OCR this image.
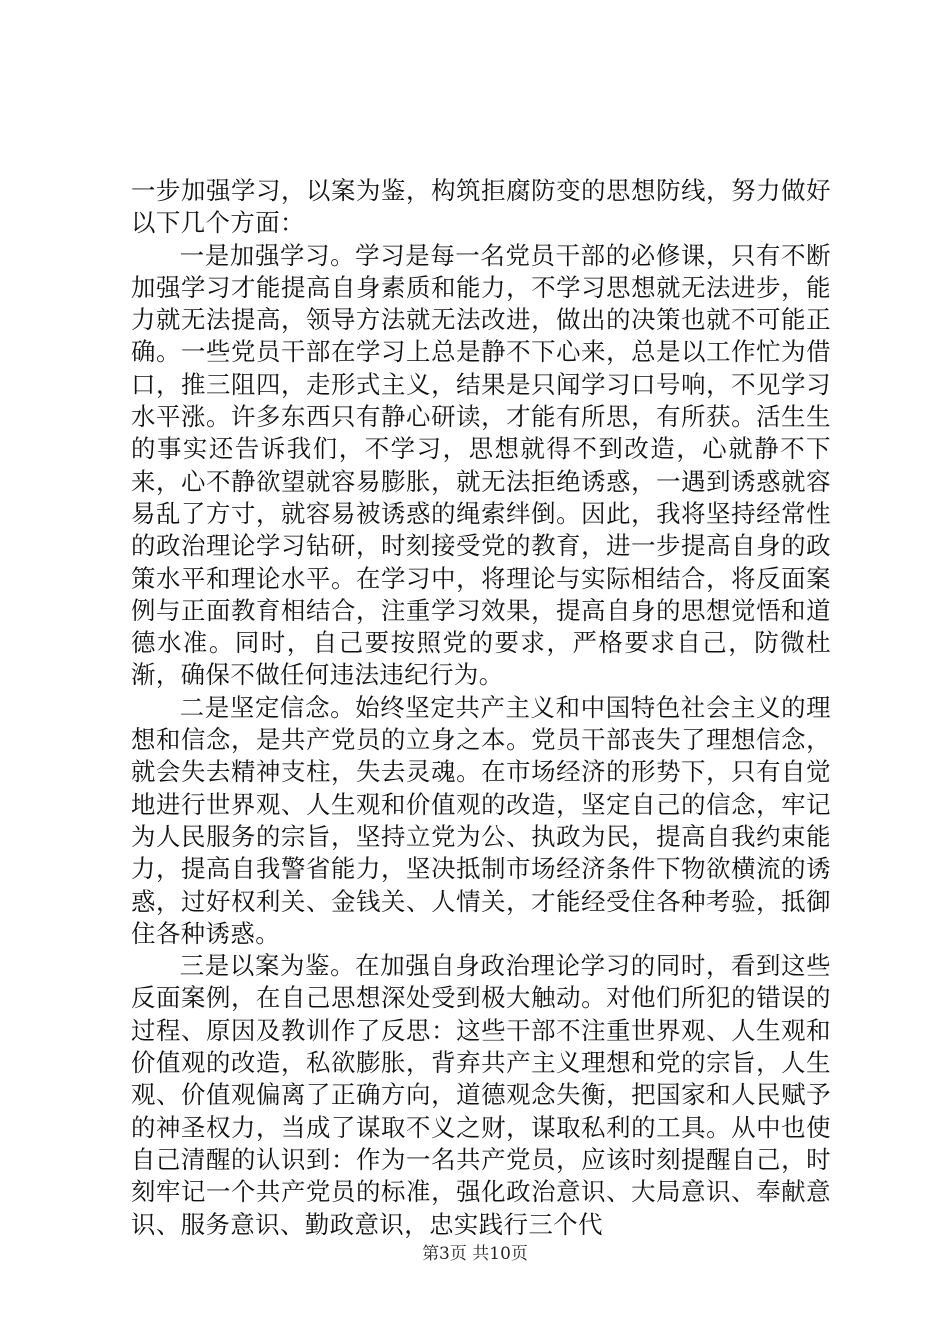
一步加强学习，以案为鉴，构筑拒腐防变的思想防线，努力做好以下几个方面：

一是加强学习。学习是每一名党员干部的必修课，只有不断加强学习才能提高自身素质和能力，不学习思想就无法进步，能力就无法提高，领导方法就无法改进，做出的决策也就不可能正确。一些党员干部在学习上总是静不下心来，总是以工作忙为借口，推三阻四，走形式主义，结果是只闻学习口号响，不见学习水平涨。许多东西只有静心研读，才能有所思，有所获。活生生的事实还告诉我们，不学习，思想就得不到改造，心就静不下来，心不静欲望就容易膨胀，就无法拒绝诱惑，一遇到诱惑就容易乱了方寸，就容易被诱惑的绳索绊倒。因此，我将坚持经常性的政治理论学习钻研，时刻接受党的教育，进一步提高自身的政策水平和理论水平。在学习中，将理论与实际相结合，将反面案例与正面教育相结合，注重学习效果，提高自身的思想觉悟和道德水准。同时，自己要按照党的要求，严格要求自己，防微杜渐，确保不做任何违法违纪行为。

二是坚定信念。始终坚定共产主义和中国特色社会主义的理想和信念，是共产党员的立身之本。党员干部丧失了理想信念，就会失去精神支柱，失去灵魂。在市场经济的形势下，只有自觉地进行世界观、人生观和价值观的改造，坚定自己的信念，牢记为人民服务的宗旨，坚持立党为公、执政为民，提高自我约束能力，提高自我警省能力，坚决抵制市场经济条件下物欲横流的诱惑，过好权利关、金钱关、人情关，才能经受住各种考验，抵御住各种诱惑。

三是以案为鉴。在加强自身政治理论学习的同时，看到这些反面案例，在自己思想深处受到极大触动。对他们所犯的错误的过程、原因及教训作了反思：这些干部不注重世界观、人生观和价值观的改造，私欲膨胀，背弃共产主义理想和党的宗旨，人生观、价值观偏离了正确方向，道德观念失衡，把国家和人民赋予的神圣权力，当成了谋取不义之财，谋取私利的工具。从中也使自己清醒的认识到：作为一名共产党员，应该时刻提醒自己，时刻牢记一个共产党员的标准，强化政治意识、大局意识、奉献意识、服务意识、勤政意识，忠实践行三个代

第3页 共10页
